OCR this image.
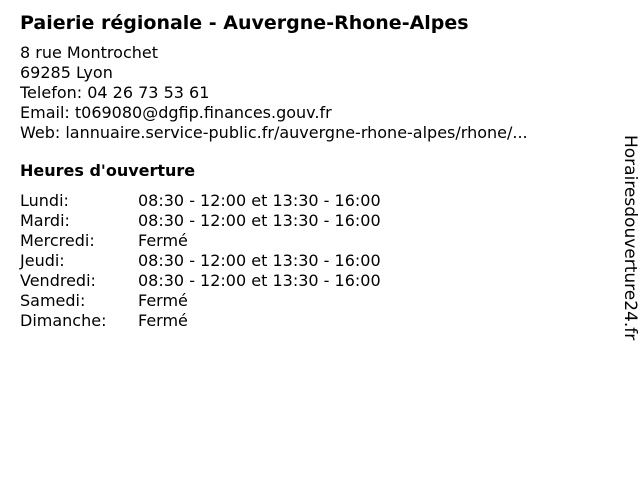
Paierie régionale - Auvergne-Rhone-Alpes
8 rue Montrochet
69285 Lyon
Telefon: 04 26 73 53 61
Email: t069080@dgfip.finances.gouv.fr
Web: lannuaire.service-public.fr/auvergne-rhone-alpes/rhone/...
Heures d'ouverture
Lundi:	08:30 - 12:00 et 13:30 - 16:00
Mardi:	08:30 - 12:00 et 13:30 - 16:00
Mercredi:	Fermé
Jeudi:	08:30 - 12:00 et 13:30 - 16:00
Vendredi:	08:30 - 12:00 et 13:30 - 16:00
Samedi:	Fermé
Dimanche:	Fermé	Horairesdouverture24.fr
